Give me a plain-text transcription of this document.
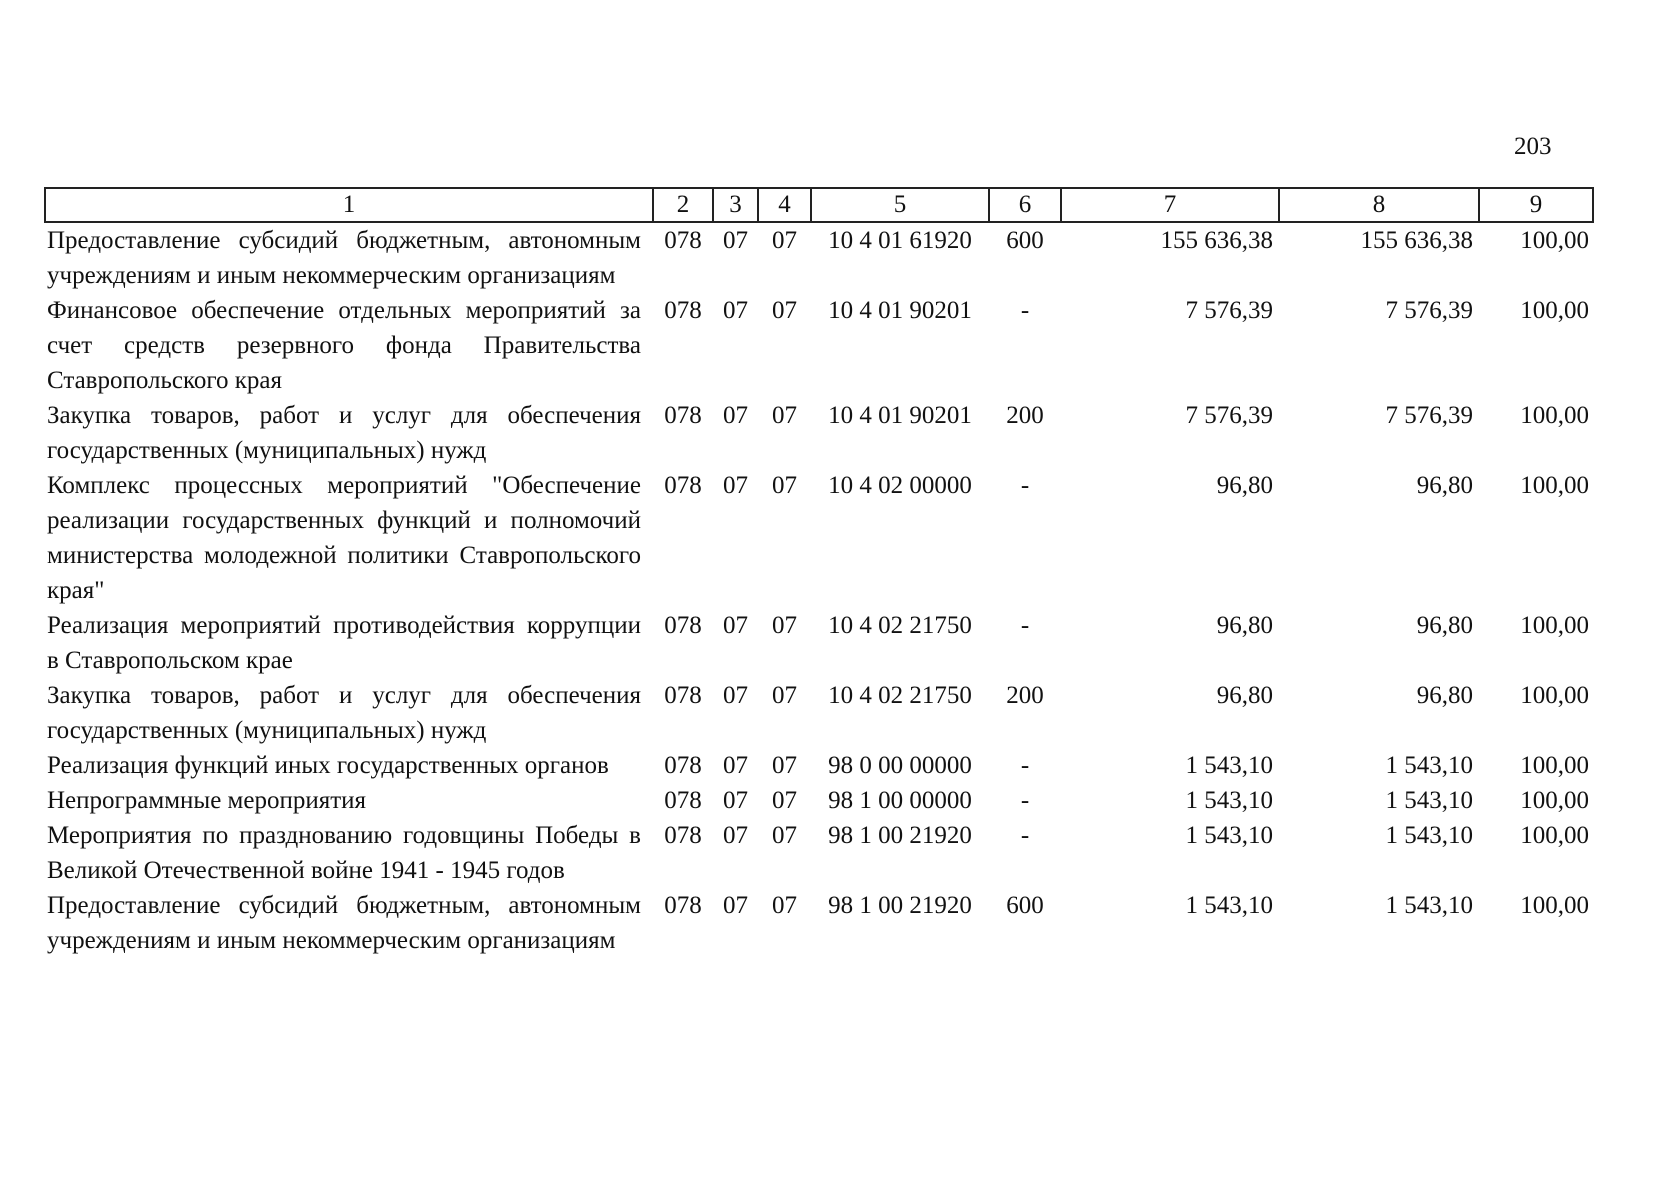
203
1	2	3	4	5	6	7	8	9
Предоставление субсидий бюджетным, автономным учреждениям и иным некоммерческим организациям	078	07	07	10 4 01 61920	600	155 636,38	155 636,38	100,00
Финансовое обеспечение отдельных мероприятий за счет средств резервного фонда Правительства Ставропольского края	078	07	07	10 4 01 90201	-	7 576,39	7 576,39	100,00
Закупка товаров, работ и услуг для обеспечения государственных (муниципальных) нужд	078	07	07	10 4 01 90201	200	7 576,39	7 576,39	100,00
Комплекс процессных мероприятий "Обеспечение реализации государственных функций и полномочий министерства молодежной политики Ставропольского края"	078	07	07	10 4 02 00000	-	96,80	96,80	100,00
Реализация мероприятий противодействия коррупции в Ставропольском крае	078	07	07	10 4 02 21750	-	96,80	96,80	100,00
Закупка товаров, работ и услуг для обеспечения государственных (муниципальных) нужд	078	07	07	10 4 02 21750	200	96,80	96,80	100,00
Реализация функций иных государственных органов	078	07	07	98 0 00 00000	-	1 543,10	1 543,10	100,00
Непрограммные мероприятия	078	07	07	98 1 00 00000	-	1 543,10	1 543,10	100,00
Мероприятия по празднованию годовщины Победы в Великой Отечественной войне 1941 - 1945 годов	078	07	07	98 1 00 21920	-	1 543,10	1 543,10	100,00
Предоставление субсидий бюджетным, автономным учреждениям и иным некоммерческим организациям	078	07	07	98 1 00 21920	600	1 543,10	1 543,10	100,00
